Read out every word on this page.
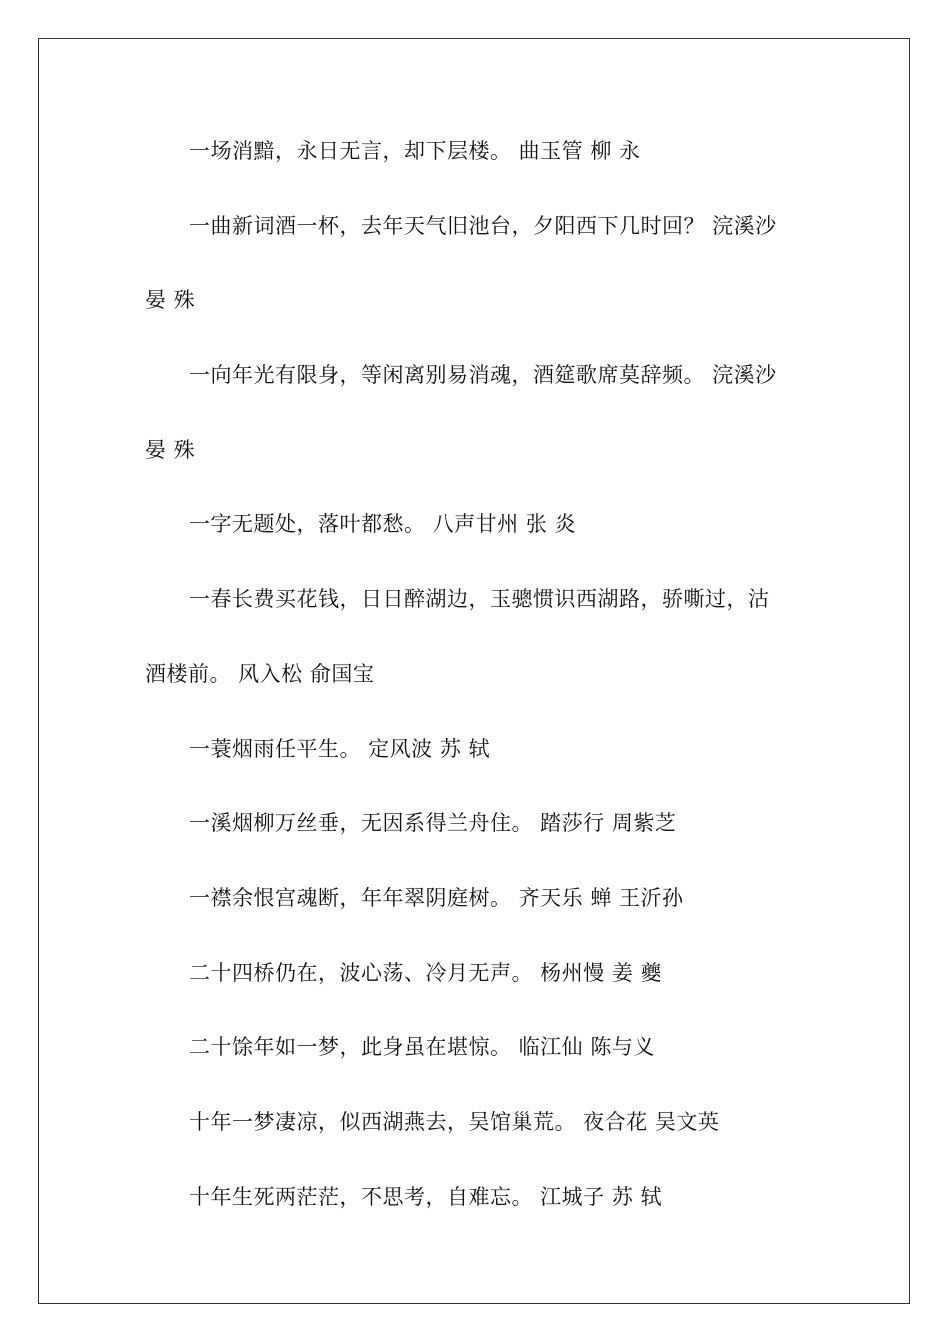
一场消黯，永日无言，却下层楼。 曲玉管 柳 永
一曲新词酒一杯，去年天气旧池台，夕阳西下几时回？ 浣溪沙
晏 殊
一向年光有限身，等闲离别易消魂，酒筵歌席莫辞频。 浣溪沙
晏 殊
一字无题处，落叶都愁。 八声甘州 张 炎
一春长费买花钱，日日醉湖边，玉骢惯识西湖路，骄嘶过，沽
酒楼前。 风入松 俞国宝
一蓑烟雨任平生。 定风波 苏 轼
一溪烟柳万丝垂，无因系得兰舟住。 踏莎行 周紫芝
一襟余恨宫魂断，年年翠阴庭树。 齐天乐 蝉 王沂孙
二十四桥仍在，波心荡、冷月无声。 杨州慢 姜 夔
二十馀年如一梦，此身虽在堪惊。 临江仙 陈与义
十年一梦凄凉，似西湖燕去，吴馆巢荒。 夜合花 吴文英
十年生死两茫茫，不思考，自难忘。 江城子 苏 轼
